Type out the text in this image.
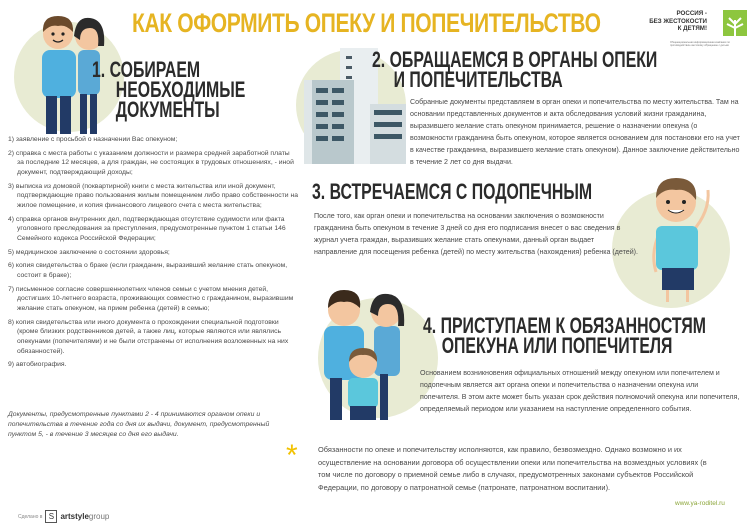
КАК ОФОРМИТЬ ОПЕКУ И ПОПЕЧИТЕЛЬСТВО	РОССИЯ -
БЕЗ ЖЕСТОКОСТИ
К ДЕТЯМ!
Общенациональная информационная кампания по противодействию жестокому обращению с детьми
1. СОБИРАЕМ
НЕОБХОДИМЫЕ
ДОКУМЕНТЫ
1) заявление с просьбой о назначении Вас опекуном;
2) справка с места работы с указанием должности и размера средней заработной платы за последние 12 месяцев, а для граждан, не состоящих в трудовых отношениях, - иной документ, подтверждающий доходы;
3) выписка из домовой (поквартирной) книги с места жительства или иной документ, подтверждающие право пользования жилым помещением либо право собственности на жилое помещение, и копия финансового лицевого счета с места жительства;
4) справка органов внутренних дел, подтверждающая отсутствие судимости или факта уголовного преследования за преступления, предусмотренные пунктом 1 статьи 146 Семейного кодекса Российской Федерации;
5) медицинское заключение о состоянии здоровья;
6) копия свидетельства о браке (если гражданин, выразивший желание стать опекуном, состоит в браке);
7) письменное согласие совершеннолетних членов семьи с учетом мнения детей, достигших 10-летнего возраста, проживающих совместно с гражданином, выразившим желание стать опекуном, на прием ребенка (детей) в семью;
8) копия свидетельства или иного документа о прохождении специальной подготовки (кроме близких родственников детей, а также лиц, которые являются или являлись опекунами (попечителями) и не были отстранены от исполнения возложенных на них обязанностей).
9) автобиография.
Документы, предусмотренные пунктами 2 - 4 принимаются органом опеки и попечительства в течение года со дня их выдачи, документ, предусмотренный пунктом 5, - в течение 3 месяцев со дня его выдачи.
2. ОБРАЩАЕМСЯ В ОРГАНЫ ОПЕКИ
И ПОПЕЧИТЕЛЬСТВА
Собранные документы представляем в орган опеки и попечительства по месту жительства. Там на основании представленных документов и акта обследования условий жизни гражданина, выразившего желание стать опекуном принимается, решение о назначении опекуна (о возможности гражданина быть опекуном, которое является основанием для постановки его на учет в качестве гражданина, выразившего желание стать опекуном). Данное заключение действительно в течение 2 лет со дня выдачи.
3. ВСТРЕЧАЕМСЯ С ПОДОПЕЧНЫМ
После того, как орган опеки и попечительства на основании заключения о возможности гражданина быть опекуном в течение 3 дней со дня его подписания внесет о вас сведения в журнал учета граждан, выразивших желание стать опекунами, данный орган выдает направление для посещения ребенка (детей) по месту жительства (нахождения) ребенка (детей).
4. ПРИСТУПАЕМ К ОБЯЗАННОСТЯМ
ОПЕКУНА ИЛИ ПОПЕЧИТЕЛЯ
Основанием возникновения официальных отношений между опекуном или попечителем и подопечным является акт органа опеки и попечительства о назначении опекуна или попечителя. В этом акте может быть указан срок действия полномочий опекуна или попечителя, определяемый периодом или указанием на наступление определенного события.
*	Обязанности по опеке и попечительству исполняются, как правило, безвозмездно. Однако возможно и их осуществление на основании договора об осуществлении опеки или попечительства на возмездных условиях (в том числе по договору о приемной семье либо в случаях, предусмотренных законами субъектов Российской Федерации, по договору о патронатной семье (патронате, патронатном воспитании).
www.ya-roditel.ru
Сделано в S artstylegroup
